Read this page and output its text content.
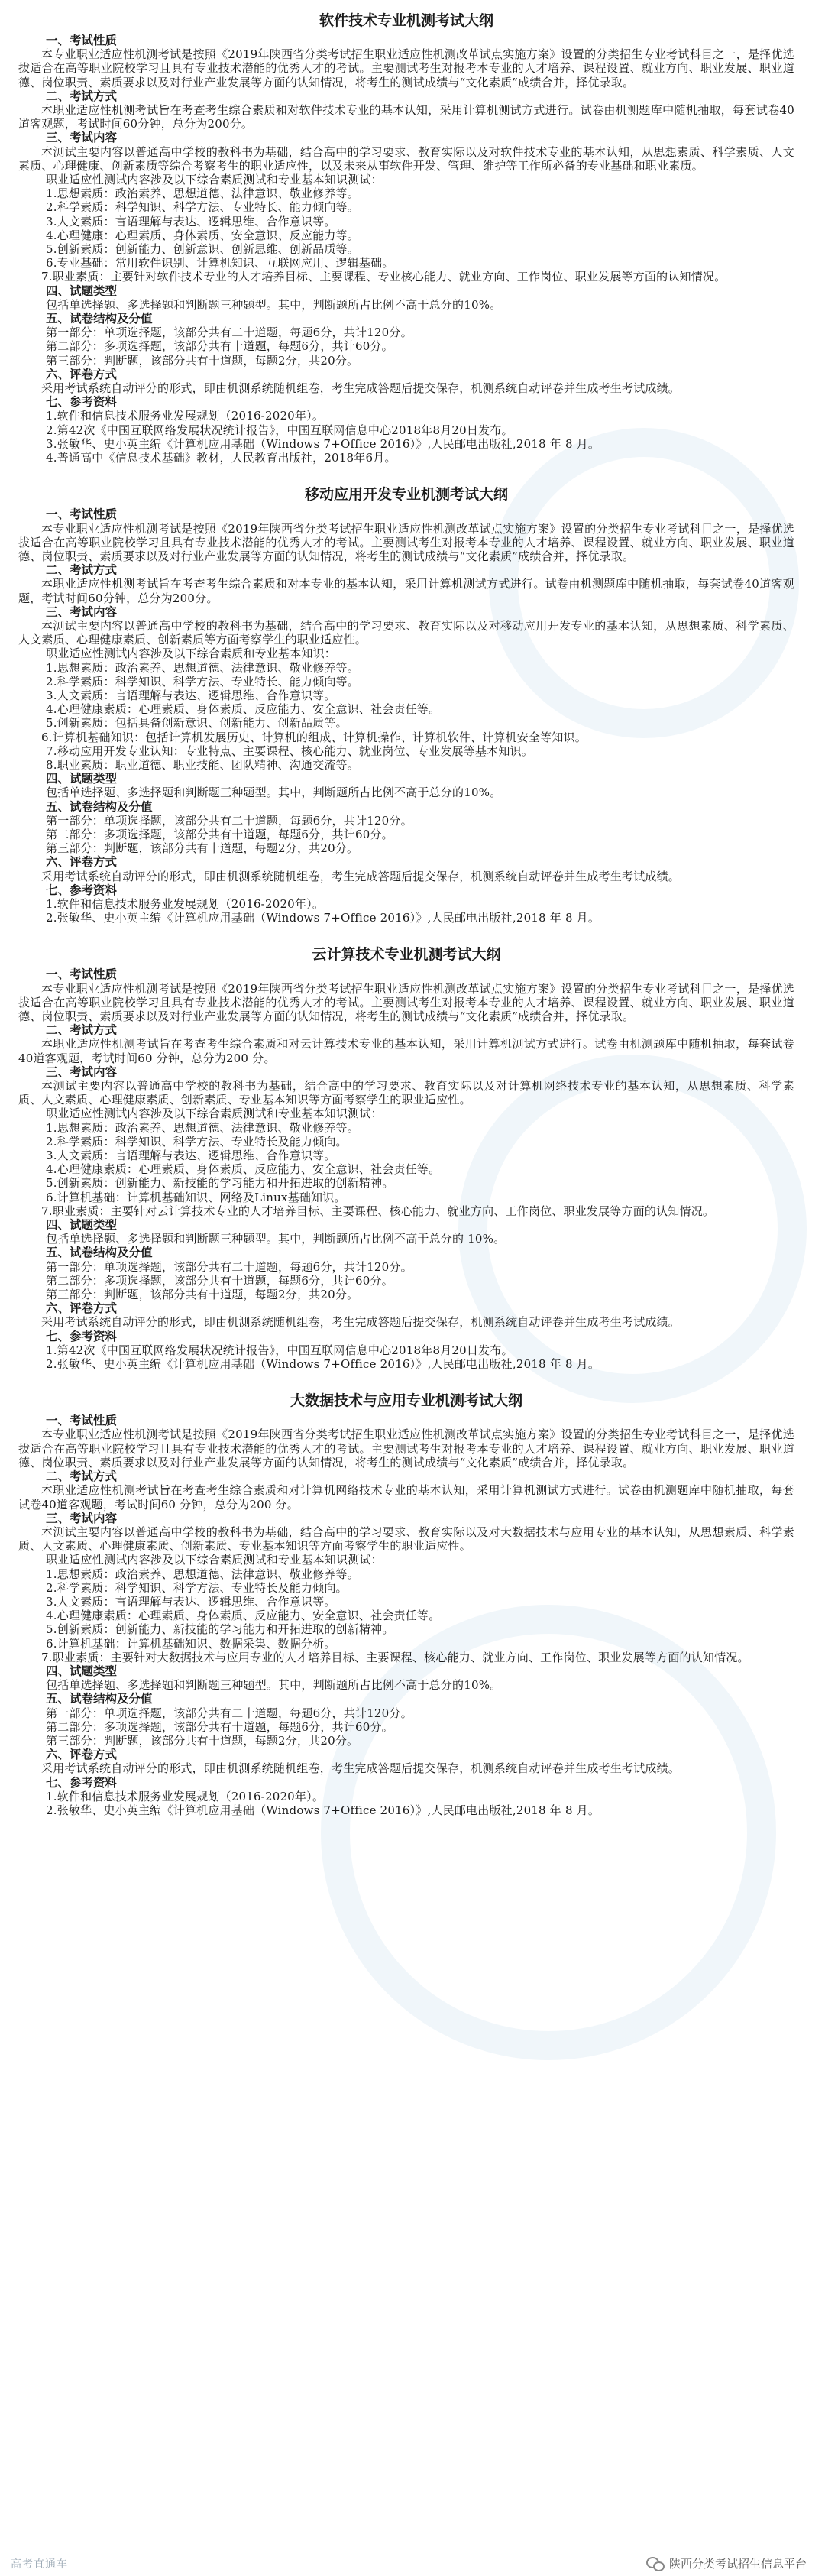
软件技术专业机测考试大纲
一、考试性质
本专业职业适应性机测考试是按照《2019年陕西省分类考试招生职业适应性机测改革试点实施方案》设置的分类招生专业考试科目之一，是择优选拔适合在高等职业院校学习且具有专业技术潜能的优秀人才的考试。主要测试考生对报考本专业的人才培养、课程设置、就业方向、职业发展、职业道德、岗位职责、素质要求以及对行业产业发展等方面的认知情况，将考生的测试成绩与“文化素质”成绩合并，择优录取。
二、考试方式
本职业适应性机测考试旨在考查考生综合素质和对软件技术专业的基本认知，采用计算机测试方式进行。试卷由机测题库中随机抽取，每套试卷40道客观题，考试时间60分钟，总分为200分。
三、考试内容
本测试主要内容以普通高中学校的教科书为基础，结合高中的学习要求、教育实际以及对软件技术专业的基本认知，从思想素质、科学素质、人文素质、心理健康、创新素质等综合考察考生的职业适应性，以及未来从事软件开发、管理、维护等工作所必备的专业基础和职业素质。
职业适应性测试内容涉及以下综合素质测试和专业基本知识测试：
1.思想素质：政治素养、思想道德、法律意识、敬业修养等。
2.科学素质：科学知识、科学方法、专业特长、能力倾向等。
3.人文素质：言语理解与表达、逻辑思维、合作意识等。
4.心理健康：心理素质、身体素质、安全意识、反应能力等。
5.创新素质：创新能力、创新意识、创新思维、创新品质等。
6.专业基础：常用软件识别、计算机知识、互联网应用、逻辑基础。
7.职业素质：主要针对软件技术专业的人才培养目标、主要课程、专业核心能力、就业方向、工作岗位、职业发展等方面的认知情况。
四、试题类型
包括单选择题、多选择题和判断题三种题型。其中，判断题所占比例不高于总分的10%。
五、试卷结构及分值
第一部分：单项选择题，该部分共有二十道题，每题6分，共计120分。
第二部分：多项选择题，该部分共有十道题，每题6分，共计60分。
第三部分：判断题，该部分共有十道题，每题2分，共20分。
六、评卷方式
采用考试系统自动评分的形式，即由机测系统随机组卷，考生完成答题后提交保存，机测系统自动评卷并生成考生考试成绩。
七、参考资料
1.软件和信息技术服务业发展规划（2016-2020年）。
2.第42次《中国互联网络发展状况统计报告》，中国互联网信息中心2018年8月20日发布。
3.张敏华、史小英主编《计算机应用基础（Windows 7+Office 2016）》,人民邮电出版社,2018 年 8 月。
4.普通高中《信息技术基础》教材，人民教育出版社，2018年6月。
移动应用开发专业机测考试大纲
一、考试性质
本专业职业适应性机测考试是按照《2019年陕西省分类考试招生职业适应性机测改革试点实施方案》设置的分类招生专业考试科目之一，是择优选拔适合在高等职业院校学习且具有专业技术潜能的优秀人才的考试。主要测试考生对报考本专业的人才培养、课程设置、就业方向、职业发展、职业道德、岗位职责、素质要求以及对行业产业发展等方面的认知情况，将考生的测试成绩与“文化素质”成绩合并，择优录取。
二、考试方式
本职业适应性机测考试旨在考查考生综合素质和对本专业的基本认知，采用计算机测试方式进行。试卷由机测题库中随机抽取，每套试卷40道客观题，考试时间60分钟，总分为200分。
三、考试内容
本测试主要内容以普通高中学校的教科书为基础，结合高中的学习要求、教育实际以及对移动应用开发专业的基本认知，从思想素质、科学素质、人文素质、心理健康素质、创新素质等方面考察学生的职业适应性。
职业适应性测试内容涉及以下综合素质和专业基本知识：
1.思想素质：政治素养、思想道德、法律意识、敬业修养等。
2.科学素质：科学知识、科学方法、专业特长、能力倾向等。
3.人文素质：言语理解与表达、逻辑思维、合作意识等。
4.心理健康素质：心理素质、身体素质、反应能力、安全意识、社会责任等。
5.创新素质：包括具备创新意识、创新能力、创新品质等。
6.计算机基础知识：包括计算机发展历史、计算机的组成、计算机操作、计算机软件、计算机安全等知识。
7.移动应用开发专业认知：专业特点、主要课程、核心能力、就业岗位、专业发展等基本知识。
8.职业素质：职业道德、职业技能、团队精神、沟通交流等。
四、试题类型
包括单选择题、多选择题和判断题三种题型。其中，判断题所占比例不高于总分的10%。
五、试卷结构及分值
第一部分：单项选择题，该部分共有二十道题，每题6分，共计120分。
第二部分：多项选择题，该部分共有十道题，每题6分，共计60分。
第三部分：判断题，该部分共有十道题，每题2分，共20分。
六、评卷方式
采用考试系统自动评分的形式，即由机测系统随机组卷，考生完成答题后提交保存，机测系统自动评卷并生成考生考试成绩。
七、参考资料
1.软件和信息技术服务业发展规划（2016-2020年）。
2.张敏华、史小英主编《计算机应用基础（Windows 7+Office 2016）》,人民邮电出版社,2018 年 8 月。
云计算技术专业机测考试大纲
一、考试性质
本专业职业适应性机测考试是按照《2019年陕西省分类考试招生职业适应性机测改革试点实施方案》设置的分类招生专业考试科目之一，是择优选拔适合在高等职业院校学习且具有专业技术潜能的优秀人才的考试。主要测试考生对报考本专业的人才培养、课程设置、就业方向、职业发展、职业道德、岗位职责、素质要求以及对行业产业发展等方面的认知情况，将考生的测试成绩与“文化素质”成绩合并，择优录取。
二、考试方式
本职业适应性机测考试旨在考查考生综合素质和对云计算技术专业的基本认知，采用计算机测试方式进行。试卷由机测题库中随机抽取，每套试卷40道客观题，考试时间60 分钟，总分为200 分。
三、考试内容
本测试主要内容以普通高中学校的教科书为基础，结合高中的学习要求、教育实际以及对计算机网络技术专业的基本认知，从思想素质、科学素质、人文素质、心理健康素质、创新素质、专业基本知识等方面考察学生的职业适应性。
职业适应性测试内容涉及以下综合素质测试和专业基本知识测试：
1.思想素质：政治素养、思想道德、法律意识、敬业修养等。
2.科学素质：科学知识、科学方法、专业特长及能力倾向。
3.人文素质：言语理解与表达、逻辑思维、合作意识等。
4.心理健康素质：心理素质、身体素质、反应能力、安全意识、社会责任等。
5.创新素质：创新能力、新技能的学习能力和开拓进取的创新精神。
6.计算机基础：计算机基础知识、网络及Linux基础知识。
7.职业素质：主要针对云计算技术专业的人才培养目标、主要课程、核心能力、就业方向、工作岗位、职业发展等方面的认知情况。
四、试题类型
包括单选择题、多选择题和判断题三种题型。其中，判断题所占比例不高于总分的 10%。
五、试卷结构及分值
第一部分：单项选择题，该部分共有二十道题，每题6分，共计120分。
第二部分：多项选择题，该部分共有十道题，每题6分，共计60分。
第三部分：判断题，该部分共有十道题，每题2分，共20分。
六、评卷方式
采用考试系统自动评分的形式，即由机测系统随机组卷，考生完成答题后提交保存，机测系统自动评卷并生成考生考试成绩。
七、参考资料
1.第42次《中国互联网络发展状况统计报告》，中国互联网信息中心2018年8月20日发布。
2.张敏华、史小英主编《计算机应用基础（Windows 7+Office 2016）》,人民邮电出版社,2018 年 8 月。
大数据技术与应用专业机测考试大纲
一、考试性质
本专业职业适应性机测考试是按照《2019年陕西省分类考试招生职业适应性机测改革试点实施方案》设置的分类招生专业考试科目之一，是择优选拔适合在高等职业院校学习且具有专业技术潜能的优秀人才的考试。主要测试考生对报考本专业的人才培养、课程设置、就业方向、职业发展、职业道德、岗位职责、素质要求以及对行业产业发展等方面的认知情况，将考生的测试成绩与“文化素质”成绩合并，择优录取。
二、考试方式
本职业适应性机测考试旨在考查考生综合素质和对计算机网络技术专业的基本认知，采用计算机测试方式进行。试卷由机测题库中随机抽取，每套试卷40道客观题，考试时间60 分钟，总分为200 分。
三、考试内容
本测试主要内容以普通高中学校的教科书为基础，结合高中的学习要求、教育实际以及对大数据技术与应用专业的基本认知，从思想素质、科学素质、人文素质、心理健康素质、创新素质、专业基本知识等方面考察学生的职业适应性。
职业适应性测试内容涉及以下综合素质测试和专业基本知识测试：
1.思想素质：政治素养、思想道德、法律意识、敬业修养等。
2.科学素质：科学知识、科学方法、专业特长及能力倾向。
3.人文素质：言语理解与表达、逻辑思维、合作意识等。
4.心理健康素质：心理素质、身体素质、反应能力、安全意识、社会责任等。
5.创新素质：创新能力、新技能的学习能力和开拓进取的创新精神。
6.计算机基础：计算机基础知识、数据采集、数据分析。
7.职业素质：主要针对大数据技术与应用专业的人才培养目标、主要课程、核心能力、就业方向、工作岗位、职业发展等方面的认知情况。
四、试题类型
包括单选择题、多选择题和判断题三种题型。其中，判断题所占比例不高于总分的10%。
五、试卷结构及分值
第一部分：单项选择题，该部分共有二十道题，每题6分，共计120分。
第二部分：多项选择题，该部分共有十道题，每题6分，共计60分。
第三部分：判断题，该部分共有十道题，每题2分，共20分。
六、评卷方式
采用考试系统自动评分的形式，即由机测系统随机组卷，考生完成答题后提交保存，机测系统自动评卷并生成考生考试成绩。
七、参考资料
1.软件和信息技术服务业发展规划（2016-2020年）。
2.张敏华、史小英主编《计算机应用基础（Windows 7+Office 2016）》,人民邮电出版社,2018 年 8 月。
高考直通车	陕西分类考试招生信息平台
